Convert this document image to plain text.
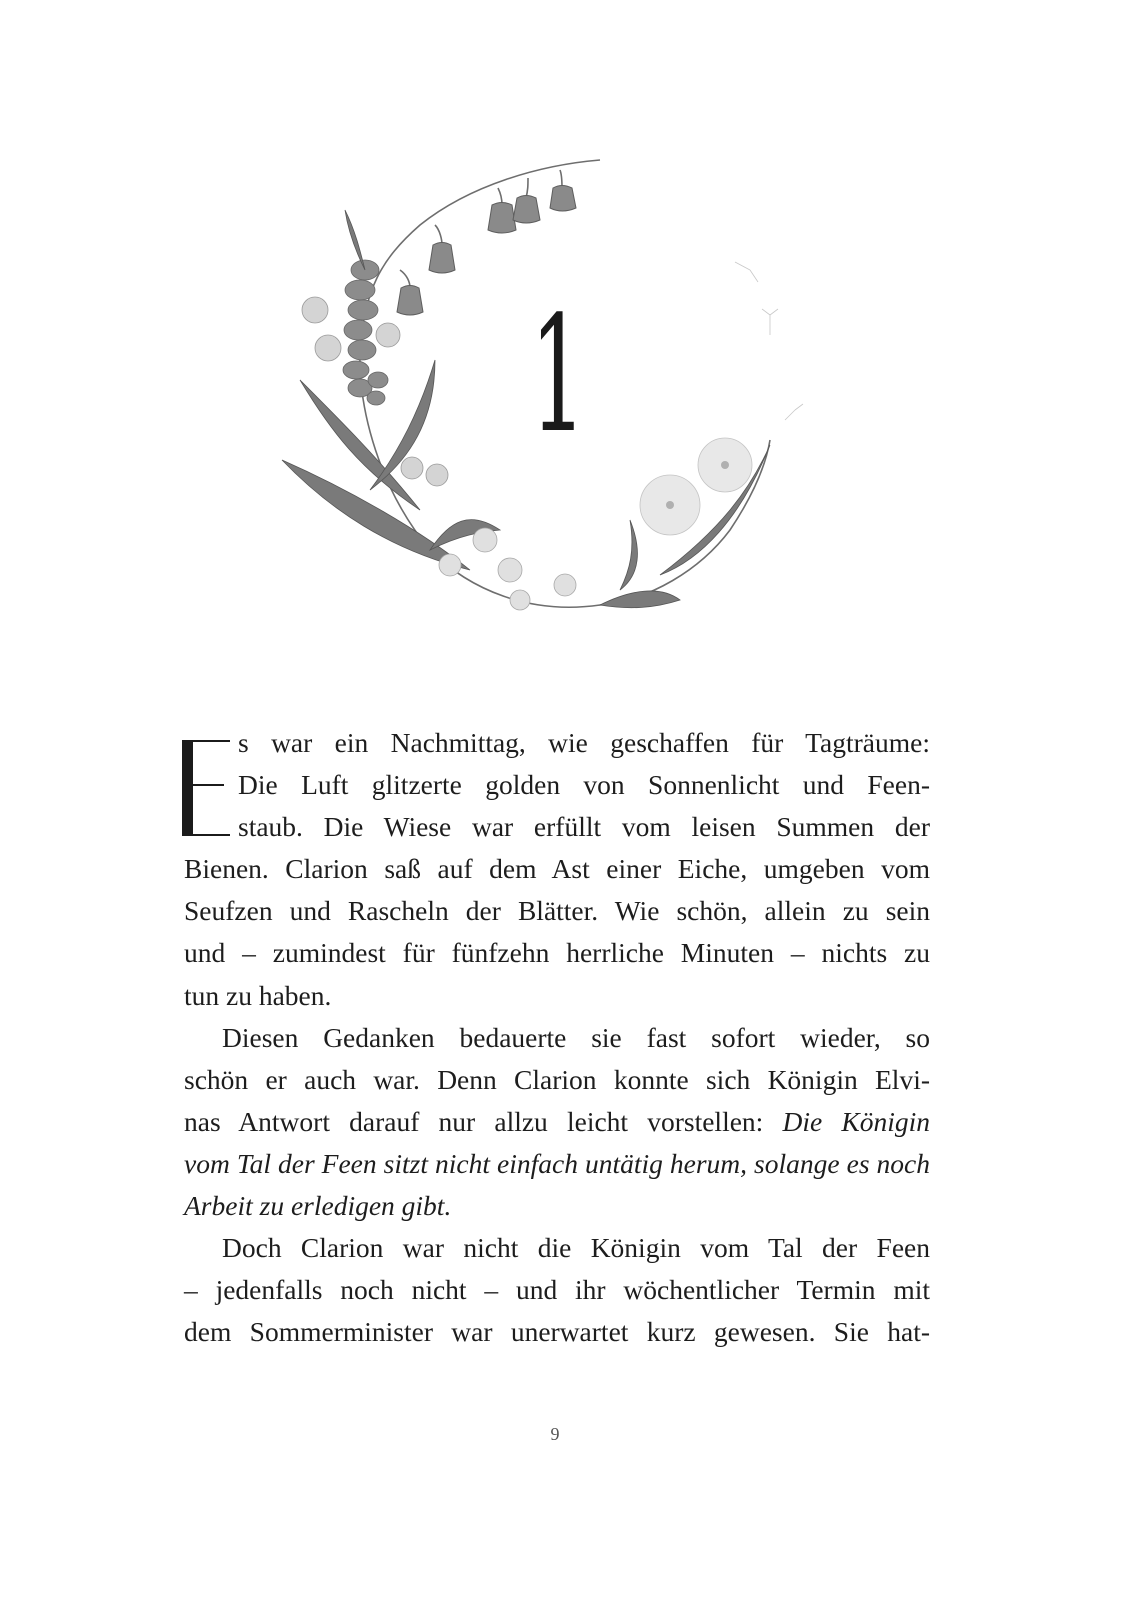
1
s war ein Nachmittag, wie geschaffen für Tagträume:
Die Luft glitzerte golden von Sonnenlicht und Feen-
staub. Die Wiese war erfüllt vom leisen Summen der
Bienen. Clarion saß auf dem Ast einer Eiche, umgeben vom
Seufzen und Rascheln der Blätter. Wie schön, allein zu sein
und – zumindest für fünfzehn herrliche Minuten – nichts zu
tun zu haben.
Diesen Gedanken bedauerte sie fast sofort wieder, so
schön er auch war. Denn Clarion konnte sich Königin Elvi-
nas Antwort darauf nur allzu leicht vorstellen: Die Königin
vom Tal der Feen sitzt nicht einfach untätig herum, solange es noch
Arbeit zu erledigen gibt.
Doch Clarion war nicht die Königin vom Tal der Feen
– jedenfalls noch nicht – und ihr wöchentlicher Termin mit
dem Sommerminister war unerwartet kurz gewesen. Sie hat-
9
